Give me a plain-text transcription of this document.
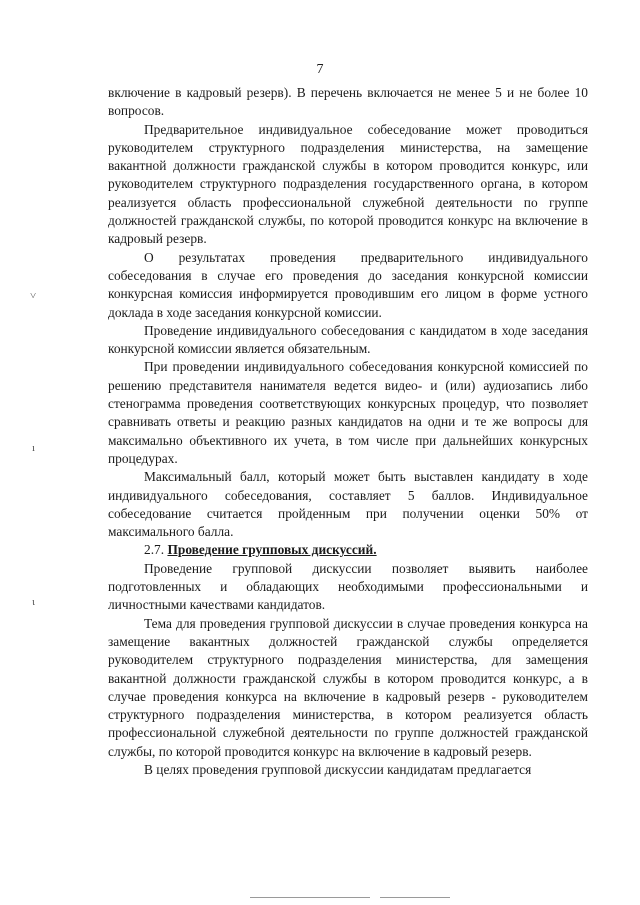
7
˅
ı
ι

включение в кадровый резерв). В перечень включается не менее 5 и не более 10 вопросов.

Предварительное индивидуальное собеседование может проводиться руководителем структурного подразделения министерства, на замещение вакантной должности гражданской службы в котором проводится конкурс, или руководителем структурного подразделения государственного органа, в котором реализуется область профессиональной служебной деятельности по группе должностей гражданской службы, по которой проводится конкурс на включение в кадровый резерв.

О результатах проведения предварительного индивидуального собеседования в случае его проведения до заседания конкурсной комиссии конкурсная комиссия информируется проводившим его лицом в форме устного доклада в ходе заседания конкурсной комиссии.

Проведение индивидуального собеседования с кандидатом в ходе заседания конкурсной комиссии является обязательным.

При проведении индивидуального собеседования конкурсной комиссией по решению представителя нанимателя ведется видео- и (или) аудиозапись либо стенограмма проведения соответствующих конкурсных процедур, что позволяет сравнивать ответы и реакцию разных кандидатов на одни и те же вопросы для максимально объективного их учета, в том числе при дальнейших конкурсных процедурах.

Максимальный балл, который может быть выставлен кандидату в ходе индивидуального собеседования, составляет 5 баллов. Индивидуальное собеседование считается пройденным при получении оценки 50% от максимального балла.

2.7. Проведение групповых дискуссий.

Проведение групповой дискуссии позволяет выявить наиболее подготовленных и обладающих необходимыми профессиональными и личностными качествами кандидатов.

Тема для проведения групповой дискуссии в случае проведения конкурса на замещение вакантных должностей гражданской службы определяется руководителем структурного подразделения министерства, для замещения вакантной должности гражданской службы в котором проводится конкурс, а в случае проведения конкурса на включение в кадровый резерв - руководителем структурного подразделения министерства, в котором реализуется область профессиональной служебной деятельности по группе должностей гражданской службы, по которой проводится конкурс на включение в кадровый резерв.

В целях проведения групповой дискуссии кандидатам предлагается
